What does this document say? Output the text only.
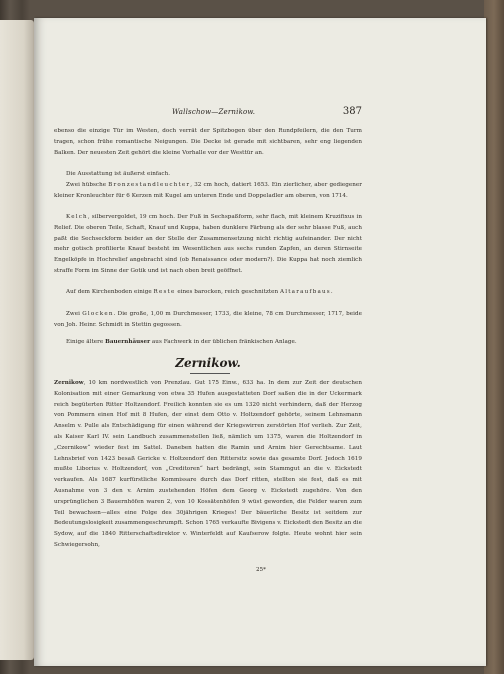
Wallschow—Zernikow.	387
ebenso die einzige Tür im Westen, doch verrät der Spitzbogen über den Rundpfeilern, die den Turm tragen, schon frühe romantische Neigungen. Die Decke ist gerade mit sichtbaren, sehr eng liegenden Balken. Der neuesten Zeit gehört die kleine Vorhalle vor der Westtür an.
Die Ausstattung ist äußerst einfach.
Zwei hübsche Bronzestandleuchter, 32 cm hoch, datiert 1653. Ein zierlicher, aber gediegener kleiner Kronleuchter für 6 Kerzen mit Kugel am unteren Ende und Doppeladler am oberen, von 1714.
Kelch, silbervergoldet, 19 cm hoch. Der Fuß in Sechspaßform, sehr flach, mit kleinem Kruzifixus in Relief. Die oberen Teile, Schaft, Knauf und Kuppa, haben dunklere Färbung als der sehr blasse Fuß, auch paßt die Sechseckform beider an der Stelle der Zusammensetzung nicht richtig aufeinander. Der nicht mehr gotisch profilierte Knauf besteht im Wesentlichen aus sechs runden Zapfen, an deren Stirnseite Engelköpfe in Hochrelief angebracht sind (ob Renaissance oder modern?). Die Kuppa hat noch ziemlich straffe Form im Sinne der Gotik und ist nach oben breit geöffnet.
Auf dem Kirchenboden einige Reste eines barocken, reich geschnitzten Altaraufbaus.
Zwei Glocken. Die große, 1,00 m Durchmesser, 1733, die kleine, 78 cm Durchmesser, 1717, beide von Joh. Heinr. Schmidt in Stettin gegossen.
Einige ältere Bauernhäuser aus Fachwerk in der üblichen fränkischen Anlage.
Zernikow.
Zernikow, 10 km nordwestlich von Prenzlau. Gut 175 Einw., 633 ha. In dem zur Zeit der deutschen Kolonisation mit einer Gemarkung von etwa 35 Hufen ausgestatteten Dorf saßen die in der Uckermark reich begüterten Ritter Holtzendorf. Freilich konnten sie es um 1320 nicht verhindern, daß der Herzog von Pommern einen Hof mit 8 Hufen, der einst dem Otto v. Holtzendorf gehörte, seinem Lehnsmann Anselm v. Pulle als Entschädigung für einen während der Kriegswirren zerstörten Hof verlieh. Zur Zeit, als Kaiser Karl IV. sein Landbuch zusammenstellen ließ, nämlich um 1375, waren die Holtzendorf in „Czernikow“ wieder fest im Sattel. Daneben hatten die Ramin und Arnim hier Gerechtsame. Laut Lehnsbrief von 1423 besaß Gericke v. Holtzendorf den Rittersitz sowie das gesamte Dorf. Jedoch 1619 mußte Liborius v. Holtzendorf, von „Creditoren“ hart bedrängt, sein Stammgut an die v. Eickstedt verkaufen. Als 1687 kurfürstliche Kommissare durch das Dorf ritten, stellten sie fest, daß es mit Ausnahme von 3 den v. Arnim zustehenden Höfen dem Georg v. Eickstedt zugehöre. Von den ursprünglichen 3 Bauernhöfen waren 2, von 10 Kossätenhöfen 9 wüst geworden, die Felder waren zum Teil bewachsen—alles eine Folge des 30jährigen Krieges! Der bäuerliche Besitz ist seitdem zur Bedeutungslosigkeit zusammengeschrumpft. Schon 1765 verkaufte Bivigens v. Eickstedt den Besitz an die Sydow, auf die 1840 Ritterschaftsdirektor v. Winterfeldt auf Kaufserow folgte. Heute wohnt hier sein Schwiegersohn,
25*
